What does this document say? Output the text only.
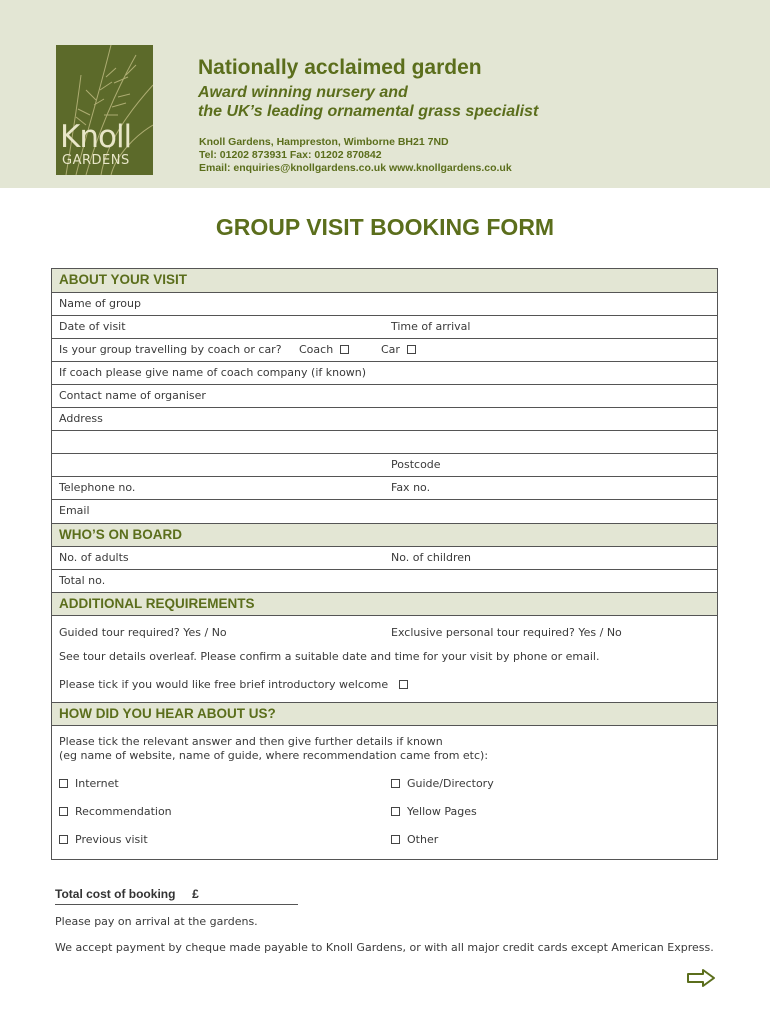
Knoll
GARDENS
Nationally acclaimed garden
Award winning nursery and
the UK’s leading ornamental grass specialist
Knoll Gardens, Hampreston, Wimborne BH21 7ND
Tel: 01202 873931 Fax: 01202 870842
Email: enquiries@knollgardens.co.uk www.knollgardens.co.uk
GROUP VISIT BOOKING FORM
ABOUT YOUR VISIT
Name of group
Date of visit	Time of arrival
Is your group travelling by coach or car? Coach	Car
If coach please give name of coach company (if known)
Contact name of organiser
Address
Postcode
Telephone no.	Fax no.
Email
WHO’S ON BOARD
No. of adults	No. of children
Total no.
ADDITIONAL REQUIREMENTS
Guided tour required? Yes / No	Exclusive personal tour required? Yes / No
See tour details overleaf. Please confirm a suitable date and time for your visit by phone or email.
Please tick if you would like free brief introductory welcome
HOW DID YOU HEAR ABOUT US?
Please tick the relevant answer and then give further details if known
(eg name of website, name of guide, where recommendation came from etc):
Internet	Guide/Directory
Recommendation	Yellow Pages
Previous visit	Other
Total cost of booking £
Please pay on arrival at the gardens.
We accept payment by cheque made payable to Knoll Gardens, or with all major credit cards except American Express.
